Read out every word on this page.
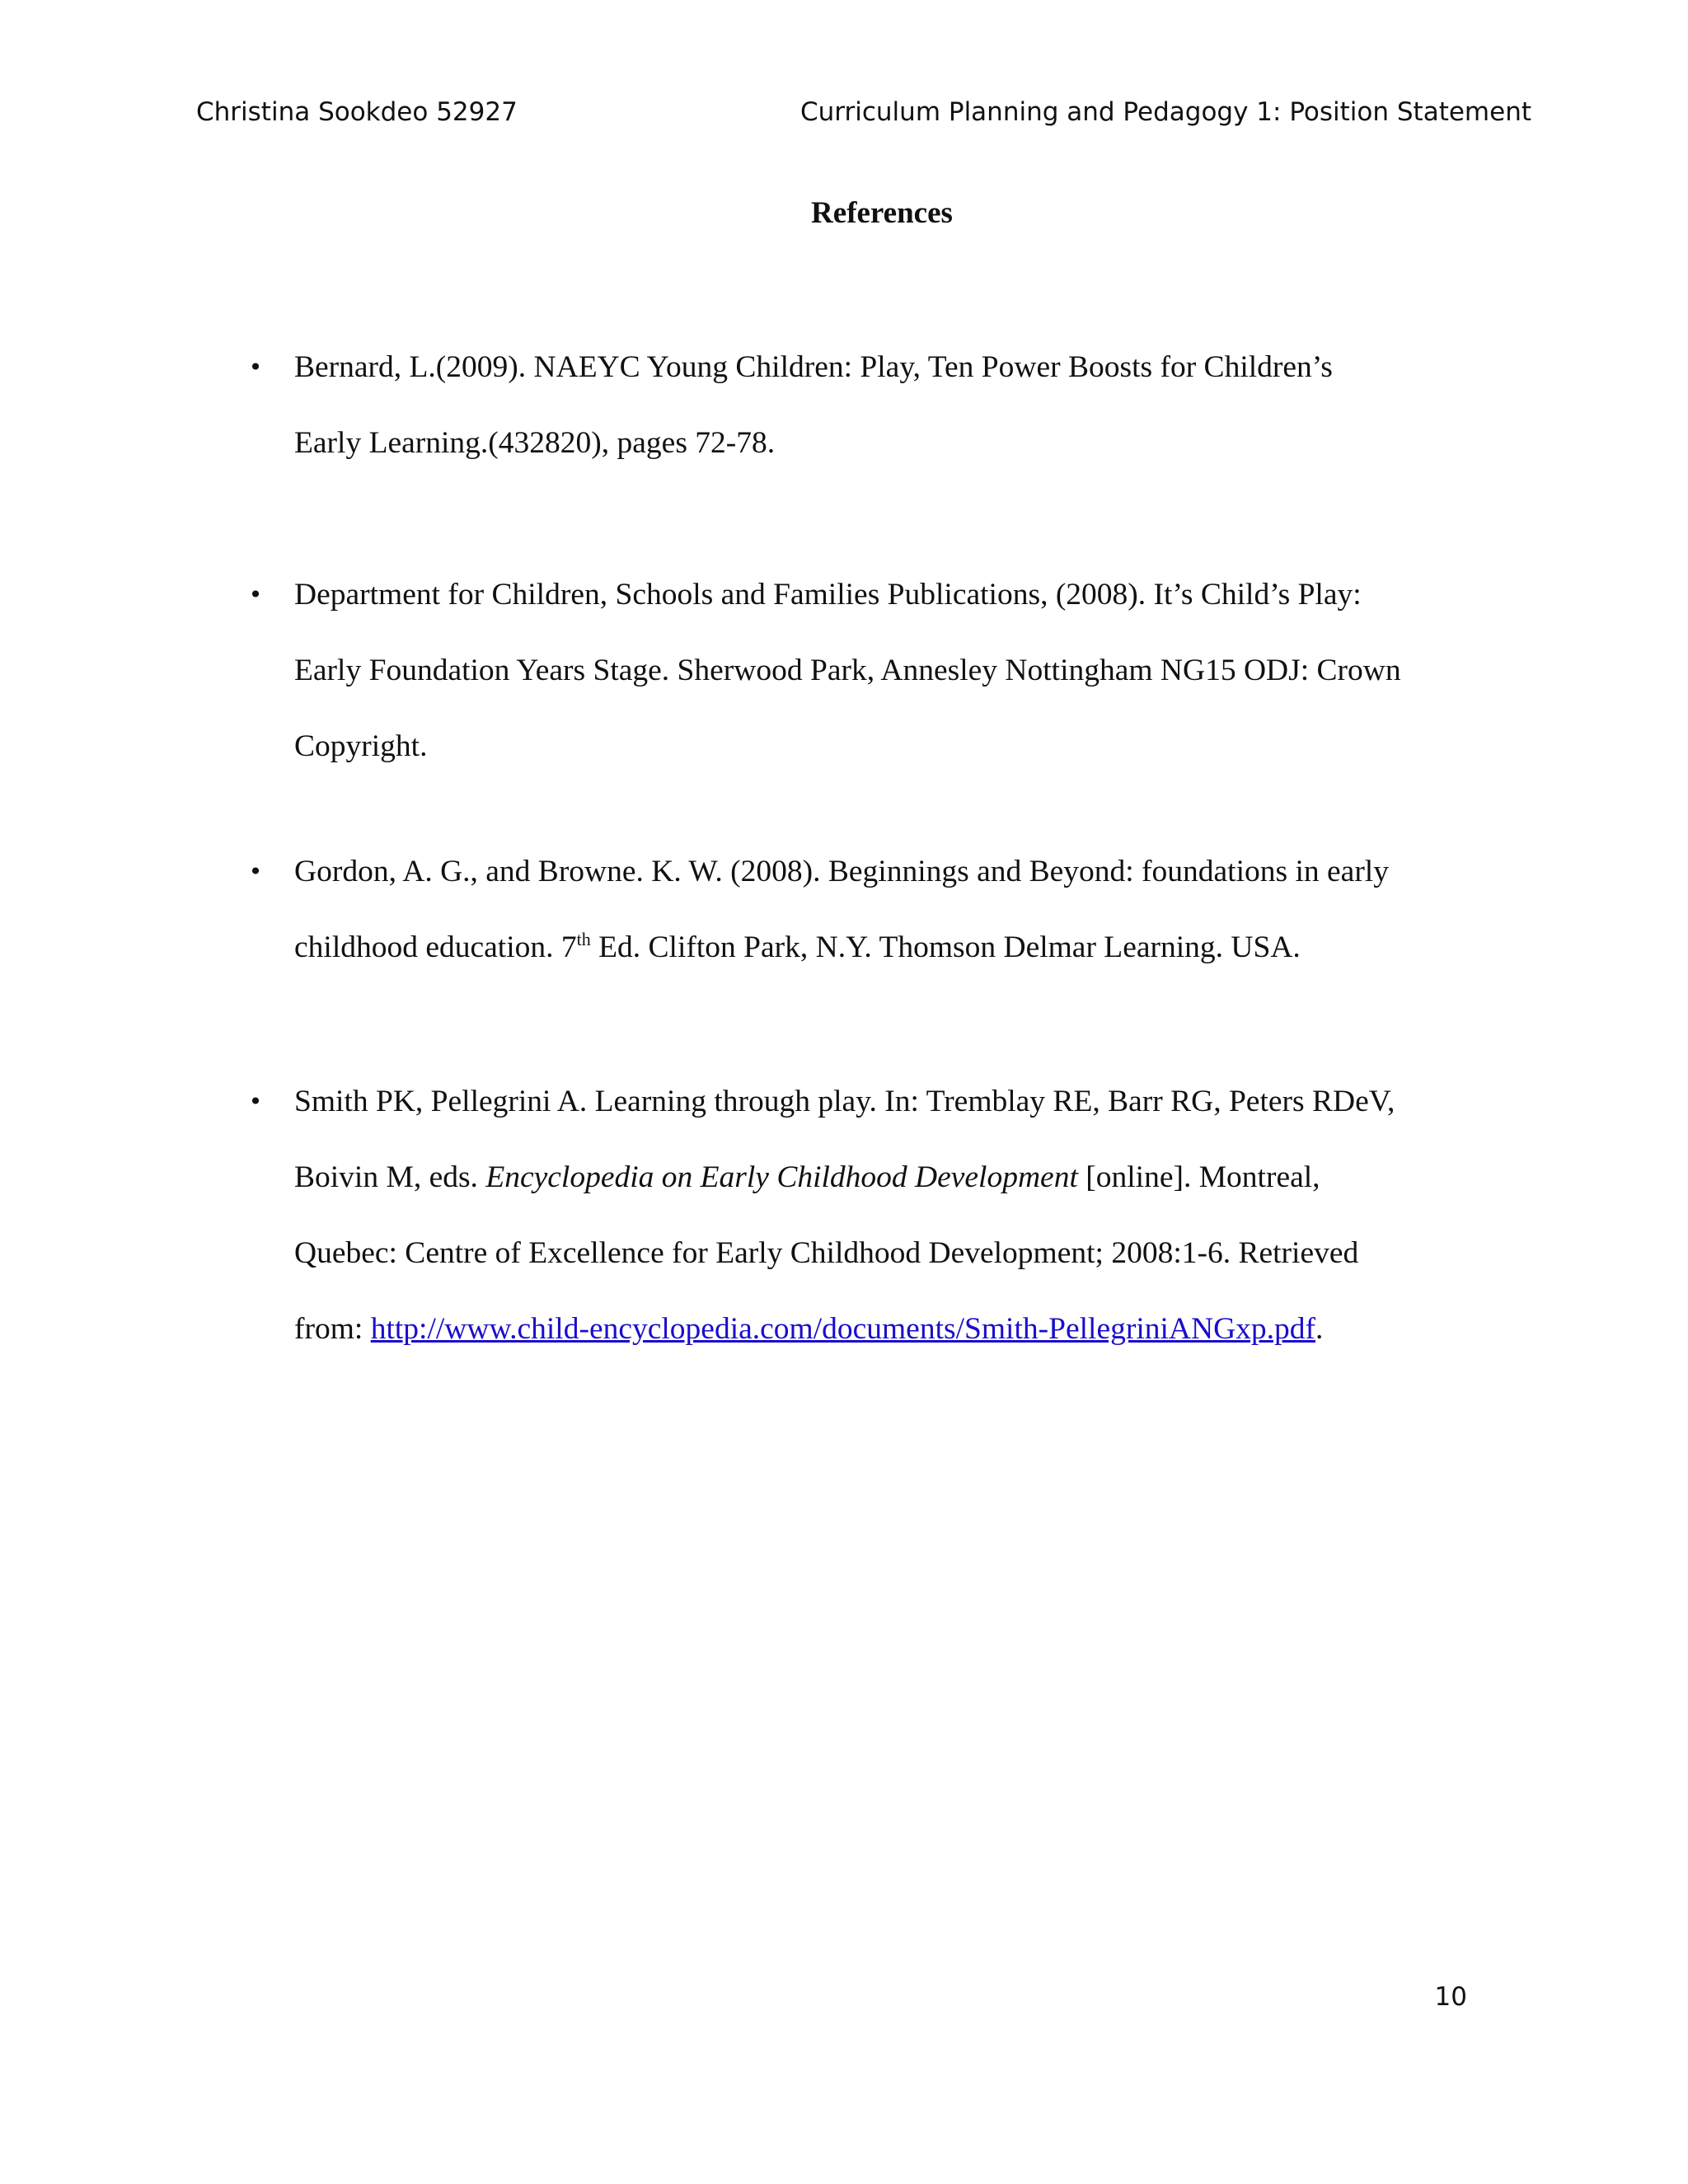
Christina Sookdeo 52927	Curriculum Planning and Pedagogy 1: Position Statement
References
• Bernard, L.(2009). NAEYC Young Children: Play, Ten Power Boosts for Children’s
Early Learning.(432820), pages 72-78.
• Department for Children, Schools and Families Publications, (2008). It’s Child’s Play:
Early Foundation Years Stage. Sherwood Park, Annesley Nottingham NG15 ODJ: Crown
Copyright.
• Gordon, A. G., and Browne. K. W. (2008). Beginnings and Beyond: foundations in early
childhood education. 7th Ed. Clifton Park, N.Y. Thomson Delmar Learning. USA.
• Smith PK, Pellegrini A. Learning through play. In: Tremblay RE, Barr RG, Peters RDeV,
Boivin M, eds. Encyclopedia on Early Childhood Development [online]. Montreal,
Quebec: Centre of Excellence for Early Childhood Development; 2008:1-6. Retrieved
from: http://www.child-encyclopedia.com/documents/Smith-PellegriniANGxp.pdf.
10
